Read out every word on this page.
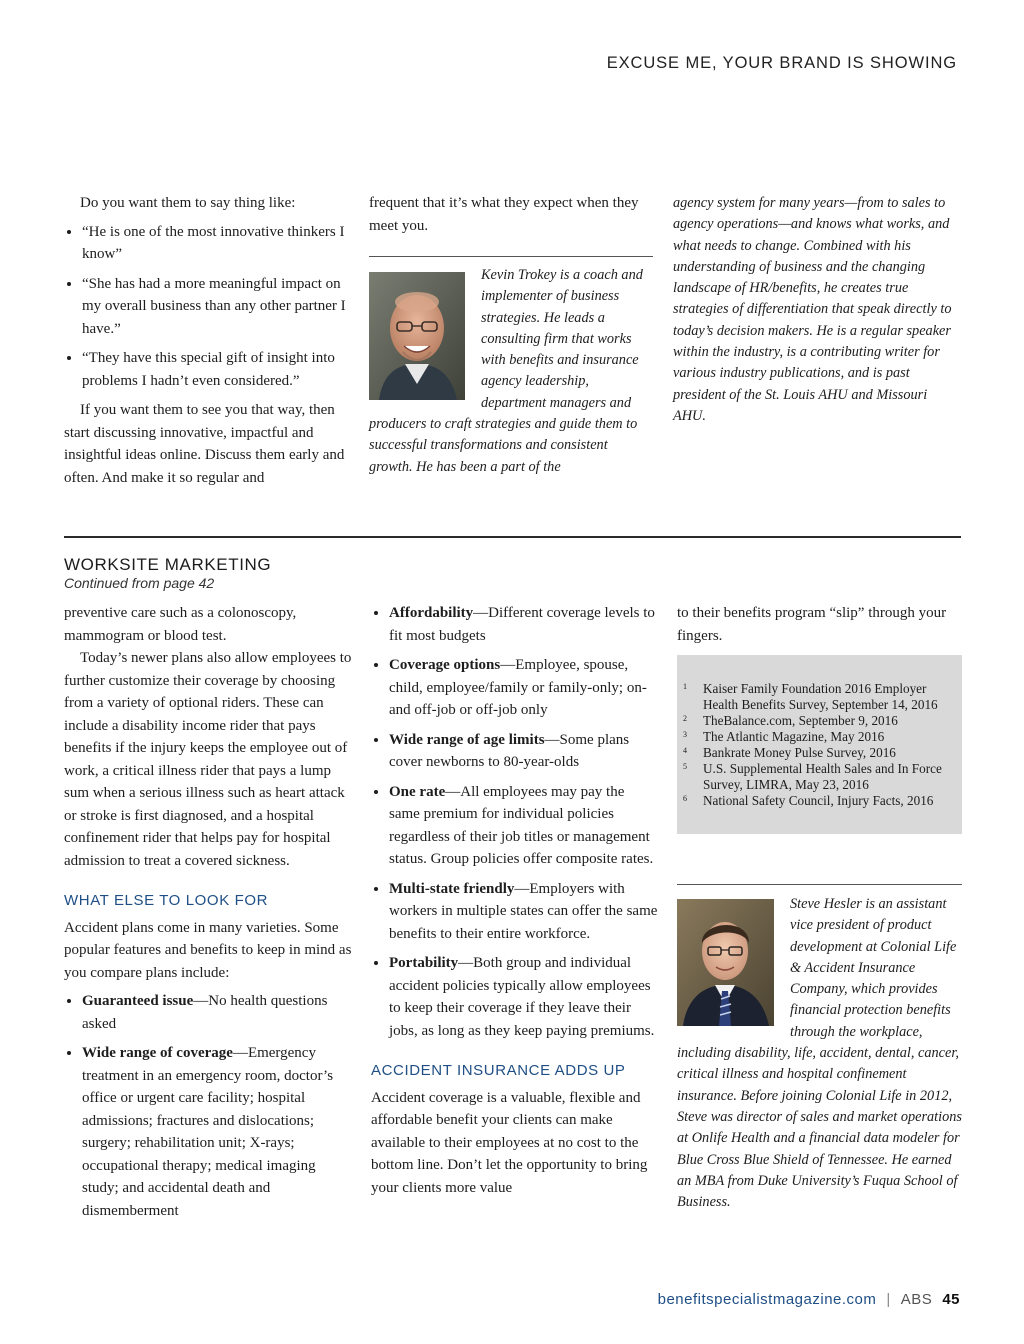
EXCUSE ME, YOUR BRAND IS SHOWING

Do you want them to say thing like:

• “He is one of the most innovative thinkers I know”
• “She has had a more meaningful impact on my overall business than any other partner I have.”
• “They have this special gift of insight into problems I hadn’t even considered.”

If you want them to see you that way, then start discussing innovative, impactful and insightful ideas online. Discuss them early and often. And make it so regular and

frequent that it’s what they expect when they meet you.

Kevin Trokey is a coach and implementer of business strategies. He leads a consulting firm that works with benefits and insurance agency leadership, department managers and producers to craft strategies and guide them to successful transformations and consistent growth. He has been a part of the
agency system for many years—from to sales to agency operations—and knows what works, and what needs to change. Combined with his understanding of business and the changing landscape of HR/benefits, he creates true strategies of differentiation that speak directly to today’s decision makers. He is a regular speaker within the industry, is a contributing writer for various industry publications, and is past president of the St. Louis AHU and Missouri AHU.
WORKSITE MARKETING
Continued from page 42

preventive care such as a colonoscopy, mammogram or blood test.

Today’s newer plans also allow employees to further customize their coverage by choosing from a variety of optional riders. These can include a disability income rider that pays benefits if the injury keeps the employee out of work, a critical illness rider that pays a lump sum when a serious illness such as heart attack or stroke is first diagnosed, and a hospital confinement rider that helps pay for hospital admission to treat a covered sickness.

WHAT ELSE TO LOOK FOR

Accident plans come in many varieties. Some popular features and benefits to keep in mind as you compare plans include:

• Guaranteed issue—No health questions asked
• Wide range of coverage—Emergency treatment in an emergency room, doctor’s office or urgent care facility; hospital admissions; fractures and dislocations; surgery; rehabilitation unit; X-rays; occupational therapy; medical imaging study; and accidental death and dismemberment
• Affordability—Different coverage levels to fit most budgets
• Coverage options—Employee, spouse, child, employee/family or family-only; on- and off-job or off-job only
• Wide range of age limits—Some plans cover newborns to 80-year-olds
• One rate—All employees may pay the same premium for individual policies regardless of their job titles or management status. Group policies offer composite rates.
• Multi-state friendly—Employers with workers in multiple states can offer the same benefits to their entire workforce.
• Portability—Both group and individual accident policies typically allow employees to keep their coverage if they leave their jobs, as long as they keep paying premiums.
ACCIDENT INSURANCE ADDS UP

Accident coverage is a valuable, flexible and affordable benefit your clients can make available to their employees at no cost to the bottom line. Don’t let the opportunity to bring your clients more value

to their benefits program “slip” through your fingers.

1 Kaiser Family Foundation 2016 Employer Health Benefits Survey, September 14, 2016
2 TheBalance.com, September 9, 2016
3 The Atlantic Magazine, May 2016
4 Bankrate Money Pulse Survey, 2016
5 U.S. Supplemental Health Sales and In Force Survey, LIMRA, May 23, 2016
6 National Safety Council, Injury Facts, 2016
Steve Hesler is an assistant vice president of product development at Colonial Life & Accident Insurance Company, which provides financial protection benefits through the workplace, including disability, life, accident, dental, cancer, critical illness and hospital confinement insurance. Before joining Colonial Life in 2012, Steve was director of sales and market operations at Onlife Health and a financial data modeler for Blue Cross Blue Shield of Tennessee. He earned an MBA from Duke University’s Fuqua School of Business.
benefitspecialistmagazine.com | ABS 45
